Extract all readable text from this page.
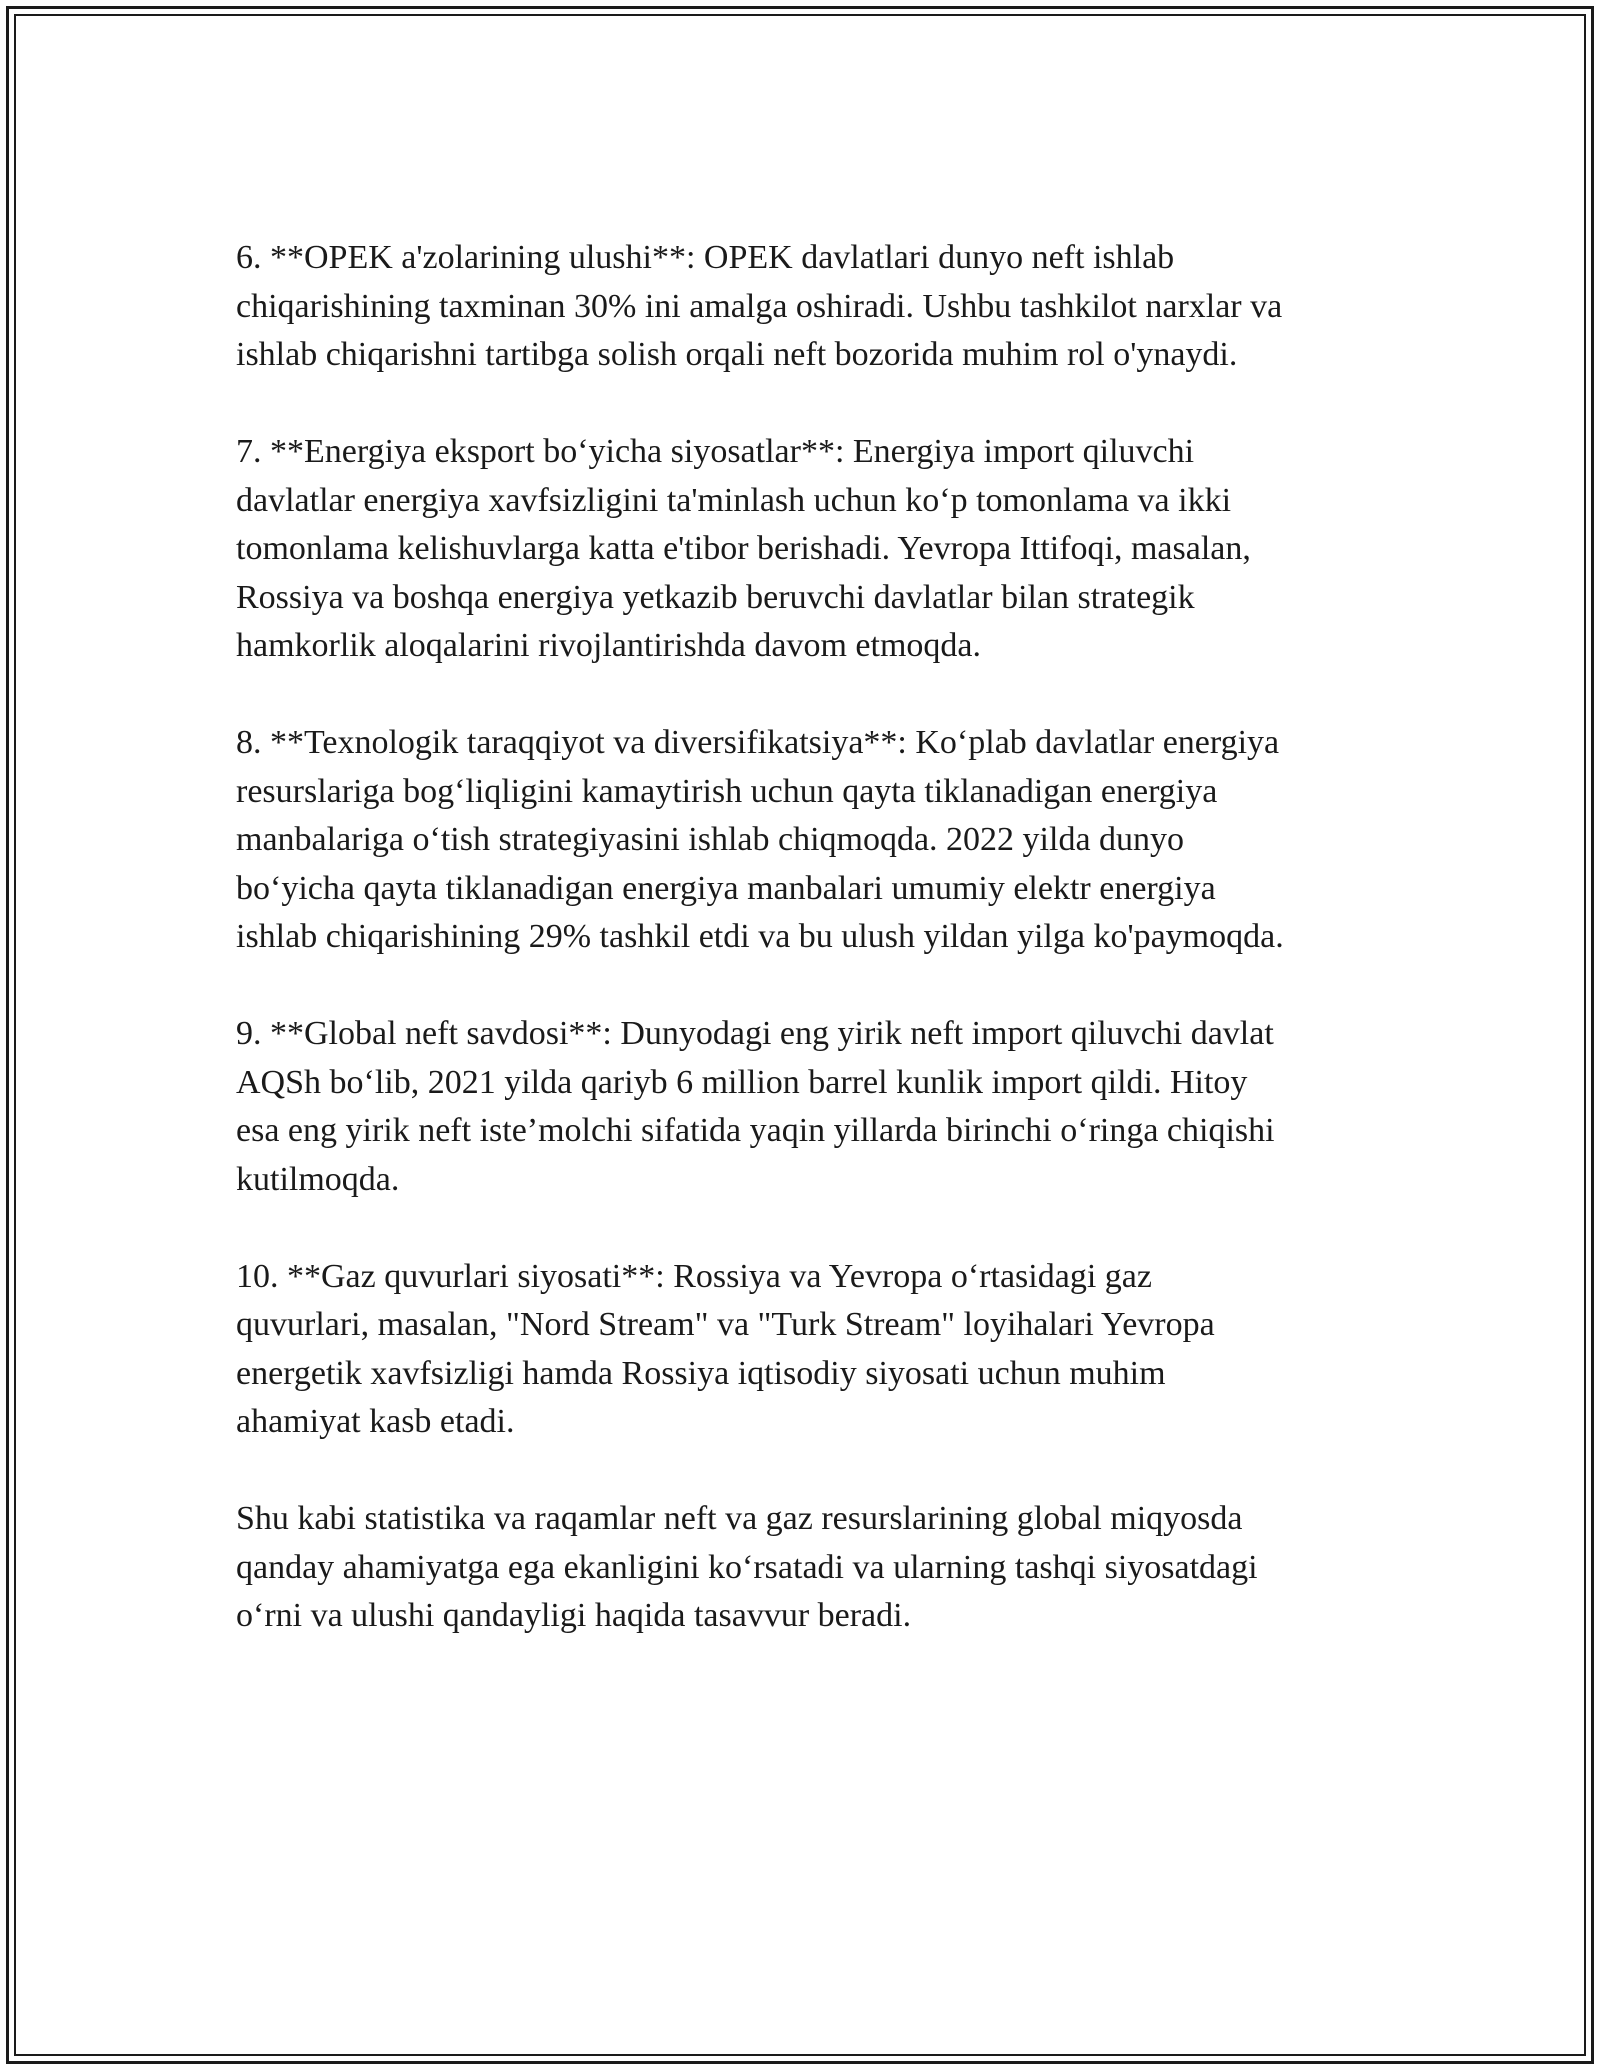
6. **OPEK a'zolarining ulushi**: OPEK davlatlari dunyo neft ishlab
chiqarishining taxminan 30% ini amalga oshiradi. Ushbu tashkilot narxlar va
ishlab chiqarishni tartibga solish orqali neft bozorida muhim rol o'ynaydi.

7. **Energiya eksport bo‘yicha siyosatlar**: Energiya import qiluvchi
davlatlar energiya xavfsizligini ta'minlash uchun ko‘p tomonlama va ikki
tomonlama kelishuvlarga katta e'tibor berishadi. Yevropa Ittifoqi, masalan,
Rossiya va boshqa energiya yetkazib beruvchi davlatlar bilan strategik
hamkorlik aloqalarini rivojlantirishda davom etmoqda.

8. **Texnologik taraqqiyot va diversifikatsiya**: Ko‘plab davlatlar energiya
resurslariga bog‘liqligini kamaytirish uchun qayta tiklanadigan energiya
manbalariga o‘tish strategiyasini ishlab chiqmoqda. 2022 yilda dunyo
bo‘yicha qayta tiklanadigan energiya manbalari umumiy elektr energiya
ishlab chiqarishining 29% tashkil etdi va bu ulush yildan yilga ko'paymoqda.

9. **Global neft savdosi**: Dunyodagi eng yirik neft import qiluvchi davlat
AQSh bo‘lib, 2021 yilda qariyb 6 million barrel kunlik import qildi. Hitoy
esa eng yirik neft iste’molchi sifatida yaqin yillarda birinchi o‘ringa chiqishi
kutilmoqda.

10. **Gaz quvurlari siyosati**: Rossiya va Yevropa o‘rtasidagi gaz
quvurlari, masalan, "Nord Stream" va "Turk Stream" loyihalari Yevropa
energetik xavfsizligi hamda Rossiya iqtisodiy siyosati uchun muhim
ahamiyat kasb etadi.

Shu kabi statistika va raqamlar neft va gaz resurslarining global miqyosda
qanday ahamiyatga ega ekanligini ko‘rsatadi va ularning tashqi siyosatdagi
o‘rni va ulushi qandayligi haqida tasavvur beradi.
